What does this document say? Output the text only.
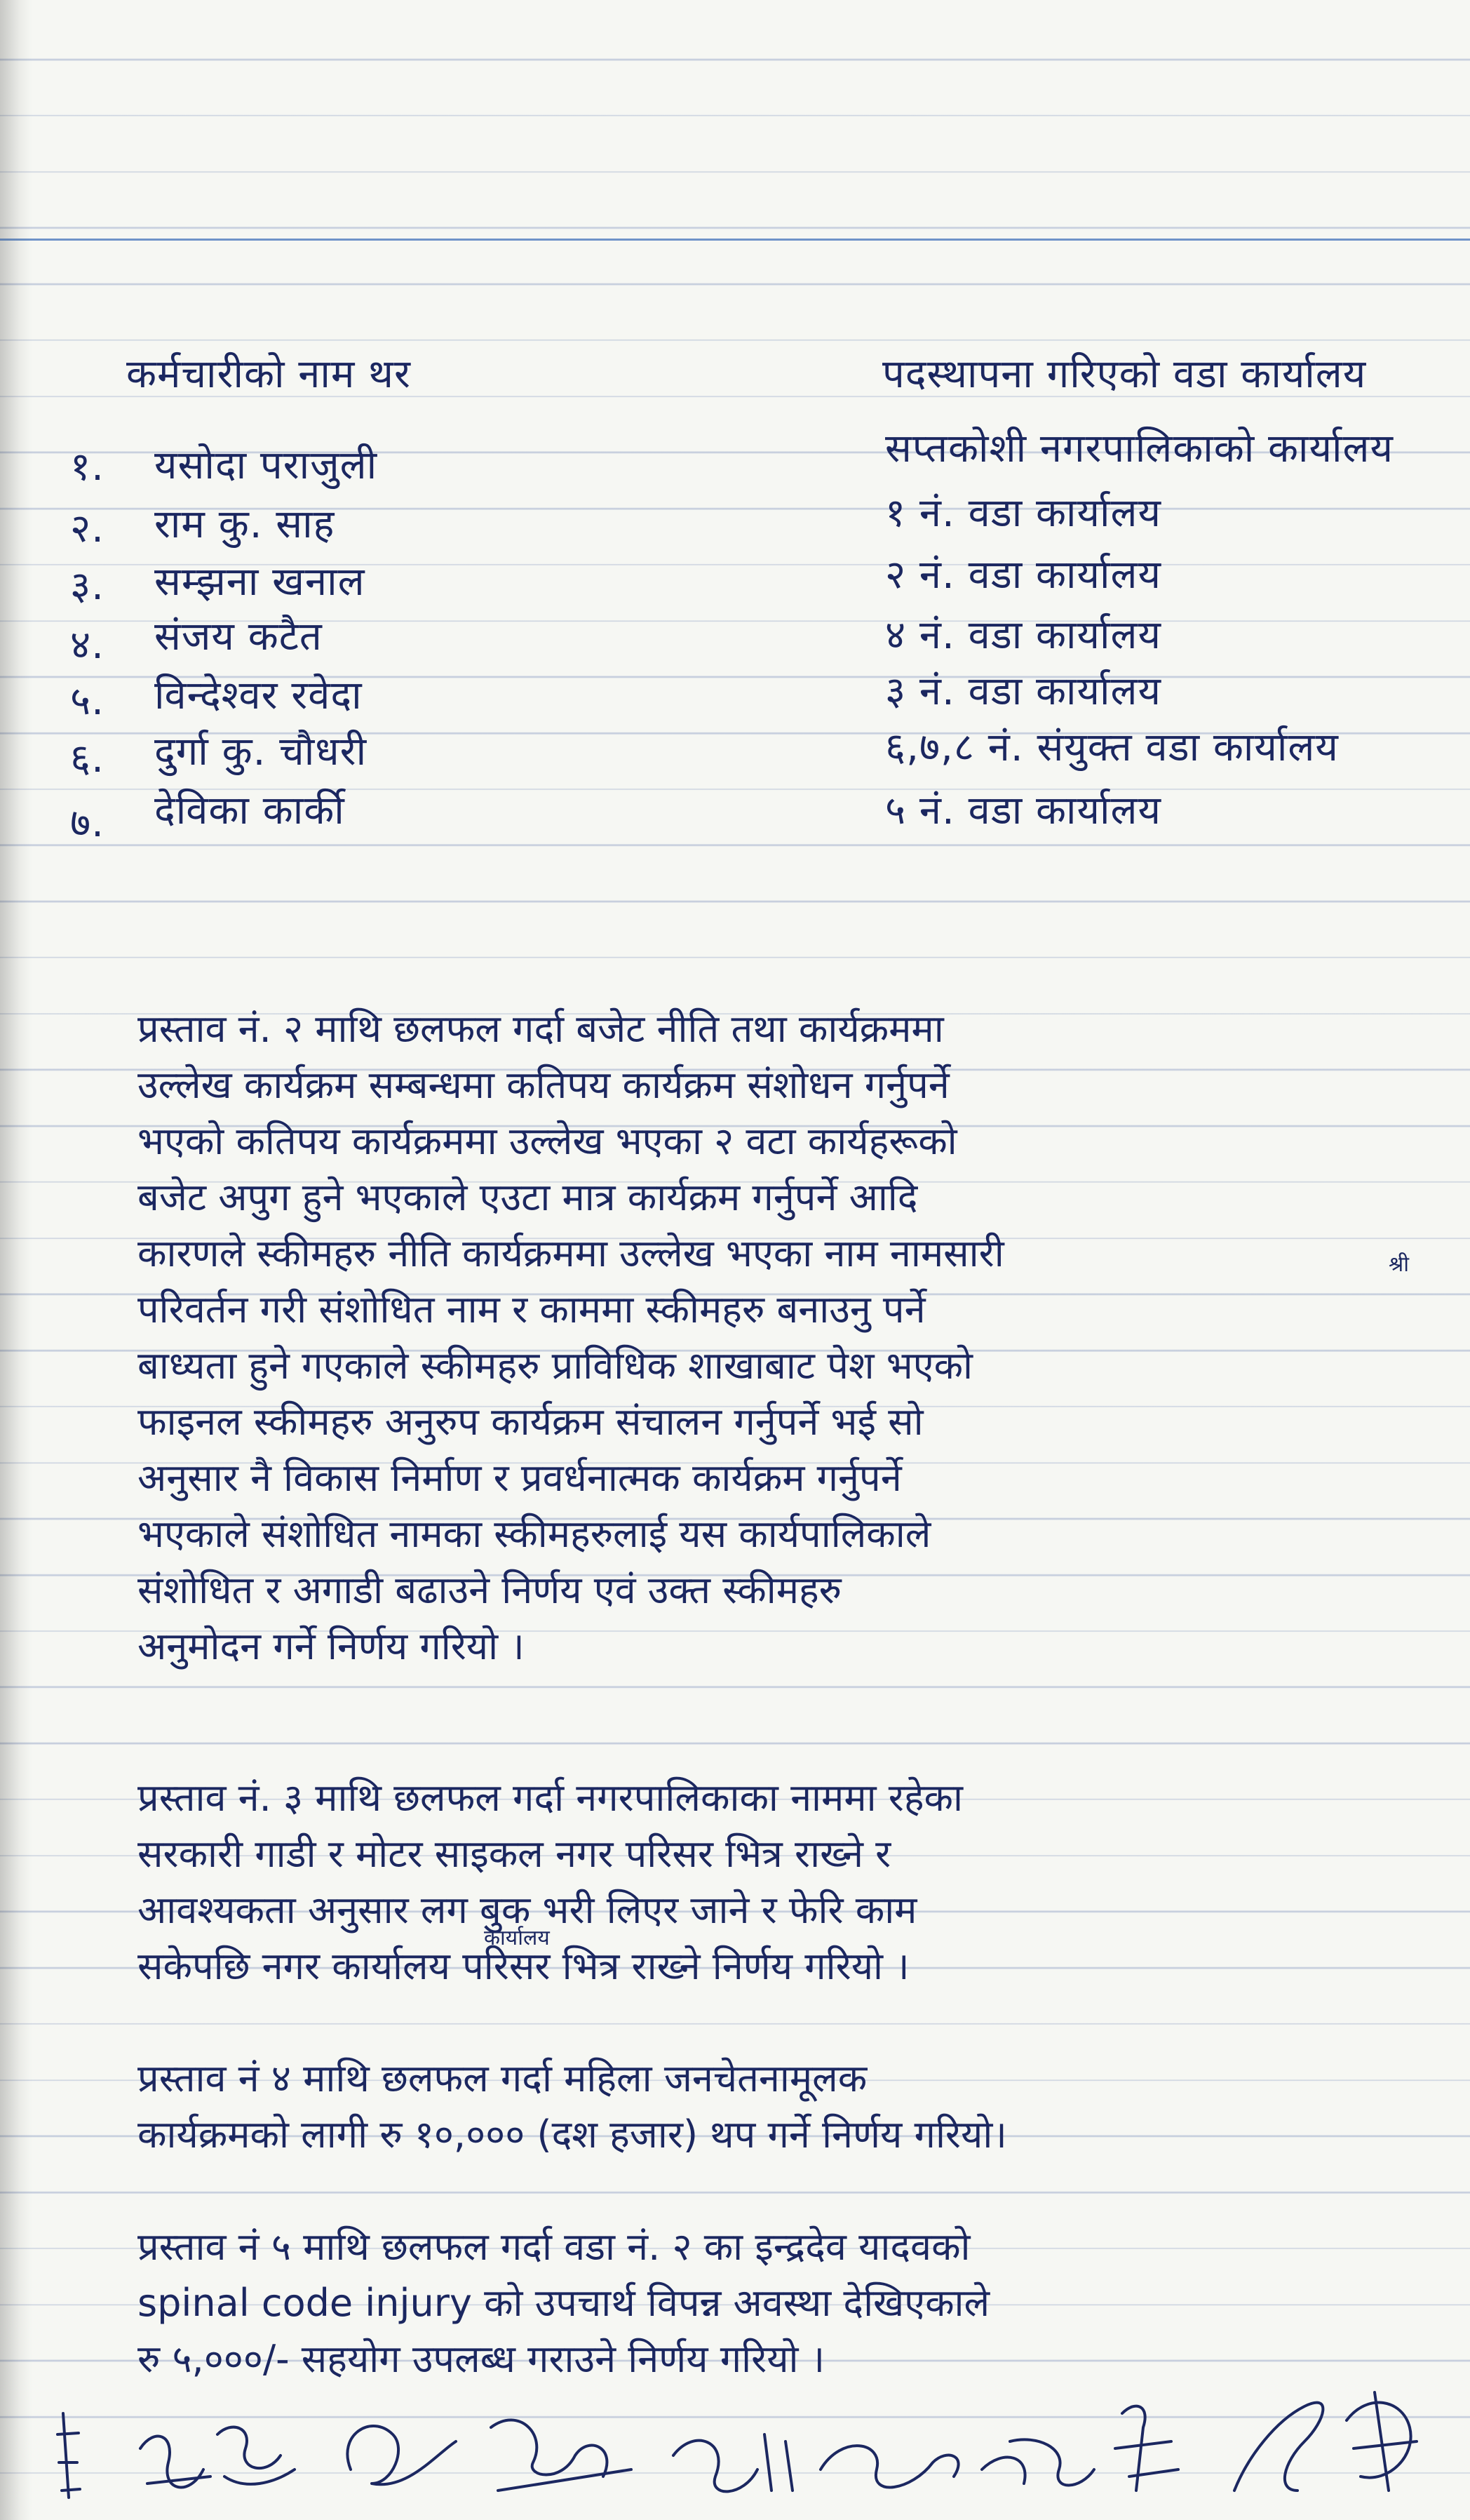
कर्मचारीको नाम थर	पदस्थापना गरिएको वडा कार्यालय
१. यसोदा पराजुली	सप्तकोशी नगरपालिकाको कार्यालय
२. राम कु. साह	१ नं. वडा कार्यालय
३. सम्झना खनाल	२ नं. वडा कार्यालय
४. संजय कटैत	४ नं. वडा कार्यालय
५. विन्देश्वर रवेदा	३ नं. वडा कार्यालय
६. दुर्गा कु. चौधरी	६,७,८ नं. संयुक्त वडा कार्यालय
७. देविका कार्की	५ नं. वडा कार्यालय
प्रस्ताव नं. २ माथि छलफल गर्दा बजेट नीति तथा कार्यक्रममा
उल्लेख कार्यक्रम सम्बन्धमा कतिपय कार्यक्रम संशोधन गर्नुपर्ने
भएको कतिपय कार्यक्रममा उल्लेख भएका २ वटा कार्यहरूको
बजेट अपुग हुने भएकाले एउटा मात्र कार्यक्रम गर्नुपर्ने आदि
कारणले स्कीमहरु नीति कार्यक्रममा उल्लेख भएका नाम नामसारी
परिवर्तन गरी संशोधित नाम र काममा स्कीमहरु बनाउनु पर्ने
बाध्यता हुने गएकाले स्कीमहरु प्राविधिक शाखाबाट पेश भएको
फाइनल स्कीमहरु अनुरुप कार्यक्रम संचालन गर्नुपर्ने भई सो
अनुसार नै विकास निर्माण र प्रवर्धनात्मक कार्यक्रम गर्नुपर्ने
भएकाले संशोधित नामका स्कीमहरुलाई यस कार्यपालिकाले
संशोधित र अगाडी बढाउने निर्णय एवं उक्त स्कीमहरु
अनुमोदन गर्ने निर्णय गरियो ।
श्री
प्रस्ताव नं. ३ माथि छलफल गर्दा नगरपालिकाका नाममा रहेका
सरकारी गाडी र मोटर साइकल नगर परिसर भित्र राख्ने र
आवश्यकता अनुसार लग बुक भरी लिएर जाने र फेरि काम
सकेपछि नगर कार्यालय परिसर भित्र राख्ने निर्णय गरियो ।
कार्यालय
प्रस्ताव नं ४ माथि छलफल गर्दा महिला जनचेतनामूलक
कार्यक्रमको लागी रु १०,००० (दश हजार) थप गर्ने निर्णय गरियो।
प्रस्ताव नं ५ माथि छलफल गर्दा वडा नं. २ का इन्द्रदेव यादवको
spinal code injury को उपचार्थ विपन्न अवस्था देखिएकाले
रु ५,०००/- सहयोग उपलब्ध गराउने निर्णय गरियो ।
